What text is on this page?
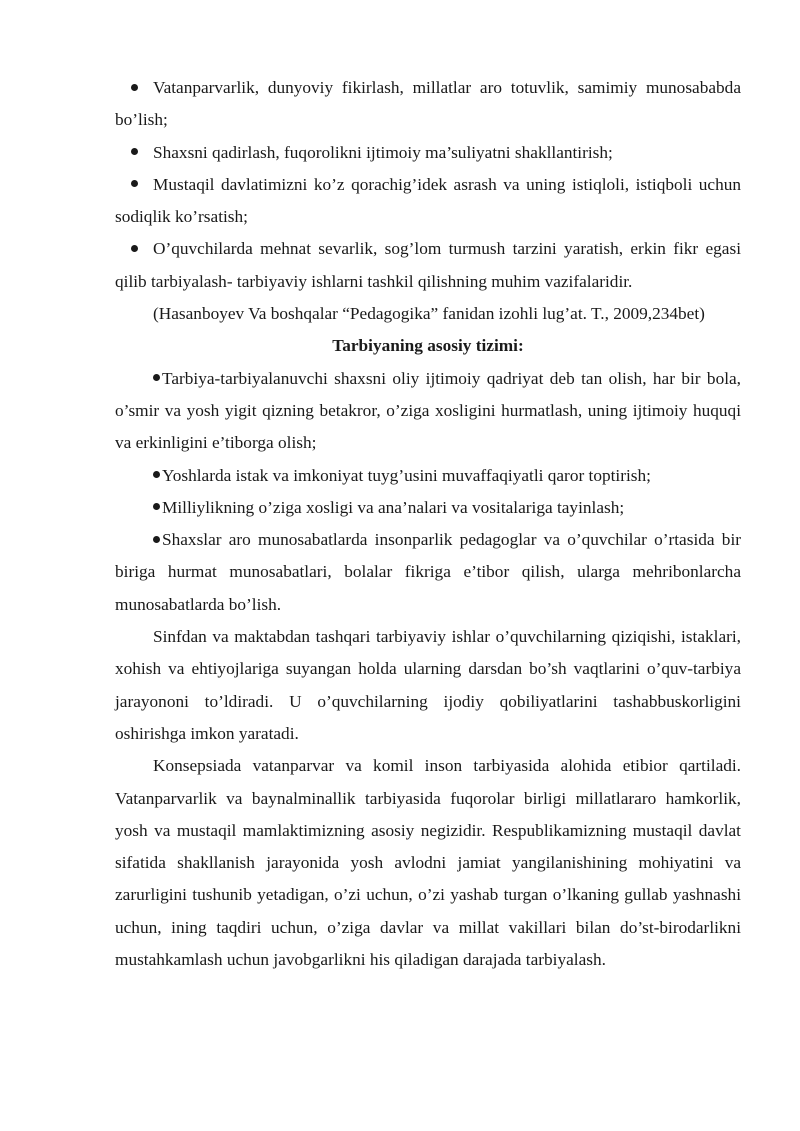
Vatanparvarlik, dunyoviy fikirlash, millatlar aro totuvlik, samimiy munosababda bo’lish;

Shaxsni qadirlash, fuqorolikni ijtimoiy ma’suliyatni shakllantirish;

Mustaqil davlatimizni ko’z qorachig’idek asrash va uning istiqloli, istiqboli uchun sodiqlik ko’rsatish;

O’quvchilarda mehnat sevarlik, sog’lom turmush tarzini yaratish, erkin fikr egasi qilib tarbiyalash- tarbiyaviy ishlarni tashkil qilishning muhim vazifalaridir.

(Hasanboyev Va boshqalar “Pedagogika” fanidan izohli lug’at. T., 2009,234bet)

Tarbiyaning asosiy tizimi:

Tarbiya-tarbiyalanuvchi shaxsni oliy ijtimoiy qadriyat deb tan olish, har bir bola, o’smir va yosh yigit qizning betakror, o’ziga xosligini hurmatlash, uning ijtimoiy huquqi va erkinligini e’tiborga olish;

Yoshlarda istak va imkoniyat tuyg’usini muvaffaqiyatli qaror toptirish;

Milliylikning o’ziga xosligi va ana’nalari va vositalariga tayinlash;

Shaxslar aro munosabatlarda insonparlik pedagoglar va o’quvchilar o’rtasida bir biriga hurmat munosabatlari, bolalar fikriga e’tibor qilish, ularga mehribonlarcha munosabatlarda bo’lish.

Sinfdan va maktabdan tashqari tarbiyaviy ishlar o’quvchilarning qiziqishi, istaklari, xohish va ehtiyojlariga suyangan holda ularning darsdan bo’sh vaqtlarini o’quv-tarbiya jarayononi to’ldiradi. U o’quvchilarning ijodiy qobiliyatlarini tashabbuskorligini oshirishga imkon yaratadi.

Konsepsiada vatanparvar va komil inson tarbiyasida alohida etibior qartiladi. Vatanparvarlik va baynalminallik tarbiyasida fuqorolar birligi millatlararo hamkorlik, yosh va mustaqil mamlaktimizning asosiy negizidir. Respublikamizning mustaqil davlat sifatida shakllanish jarayonida yosh avlodni jamiat yangilanishining mohiyatini va zarurligini tushunib yetadigan, o’zi uchun, o’zi yashab turgan o’lkaning gullab yashnashi uchun, ining taqdiri uchun, o’ziga davlar va millat vakillari bilan do’st-birodarlikni mustahkamlash uchun javobgarlikni his qiladigan darajada tarbiyalash.
